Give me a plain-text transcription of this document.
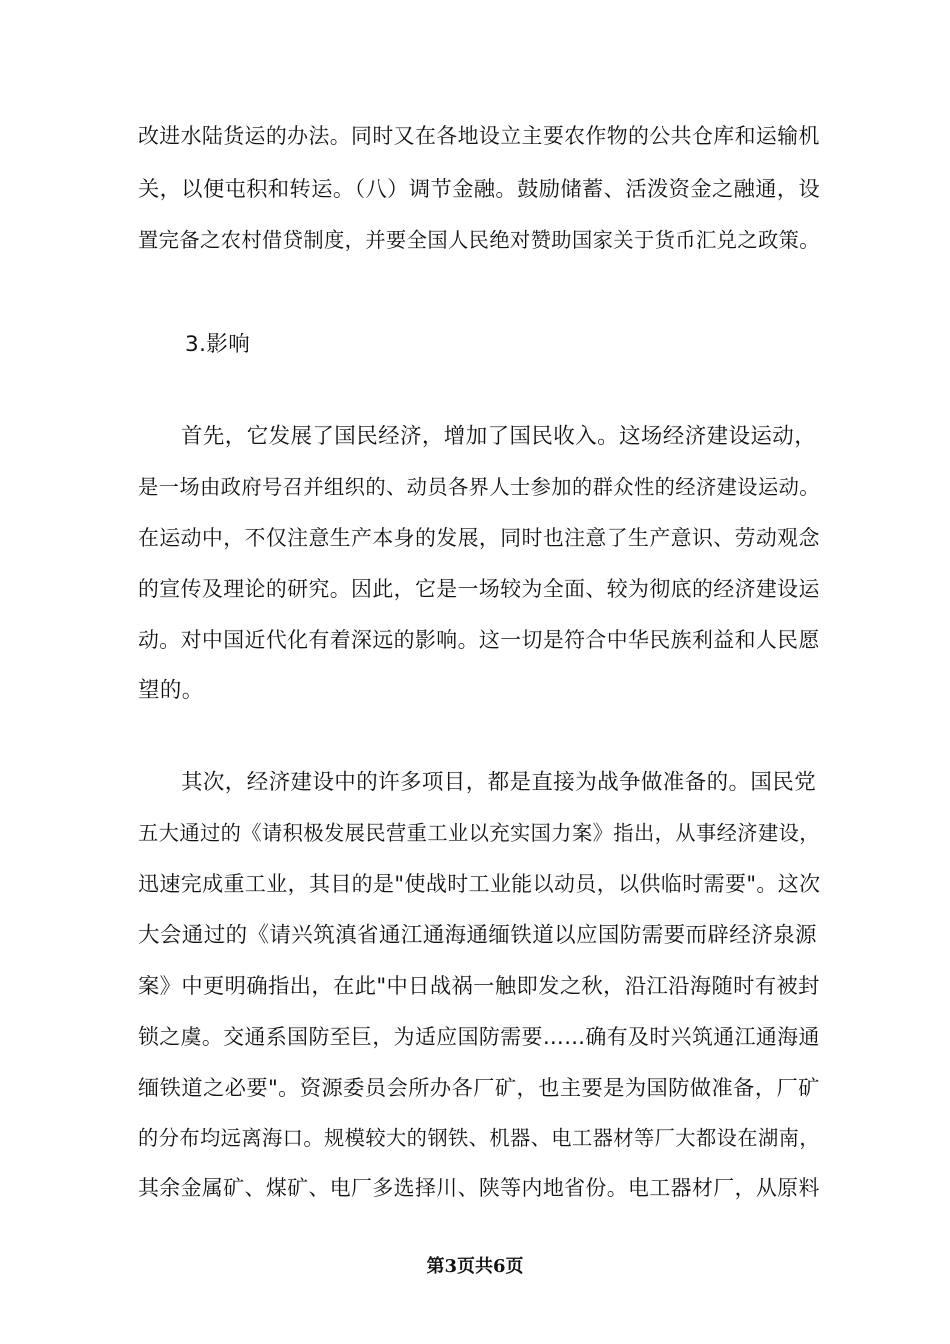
改进水陆货运的办法。同时又在各地设立主要农作物的公共仓库和运输机
关，以便屯积和转运。（八）调节金融。鼓励储蓄、活泼资金之融通，设
置完备之农村借贷制度，并要全国人民绝对赞助国家关于货币汇兑之政策。
3.影响
首先，它发展了国民经济，增加了国民收入。这场经济建设运动，
是一场由政府号召并组织的、动员各界人士参加的群众性的经济建设运动。
在运动中，不仅注意生产本身的发展，同时也注意了生产意识、劳动观念
的宣传及理论的研究。因此，它是一场较为全面、较为彻底的经济建设运
动。对中国近代化有着深远的影响。这一切是符合中华民族利益和人民愿
望的。
其次，经济建设中的许多项目，都是直接为战争做准备的。国民党
五大通过的《请积极发展民营重工业以充实国力案》指出，从事经济建设，
迅速完成重工业，其目的是"使战时工业能以动员，以供临时需要"。这次
大会通过的《请兴筑滇省通江通海通缅铁道以应国防需要而辟经济泉源
案》中更明确指出，在此"中日战祸一触即发之秋，沿江沿海随时有被封
锁之虞。交通系国防至巨，为适应国防需要……确有及时兴筑通江通海通
缅铁道之必要"。资源委员会所办各厂矿，也主要是为国防做准备，厂矿
的分布均远离海口。规模较大的钢铁、机器、电工器材等厂大都设在湖南，
其余金属矿、煤矿、电厂多选择川、陕等内地省份。电工器材厂，从原料
第3页共6页
